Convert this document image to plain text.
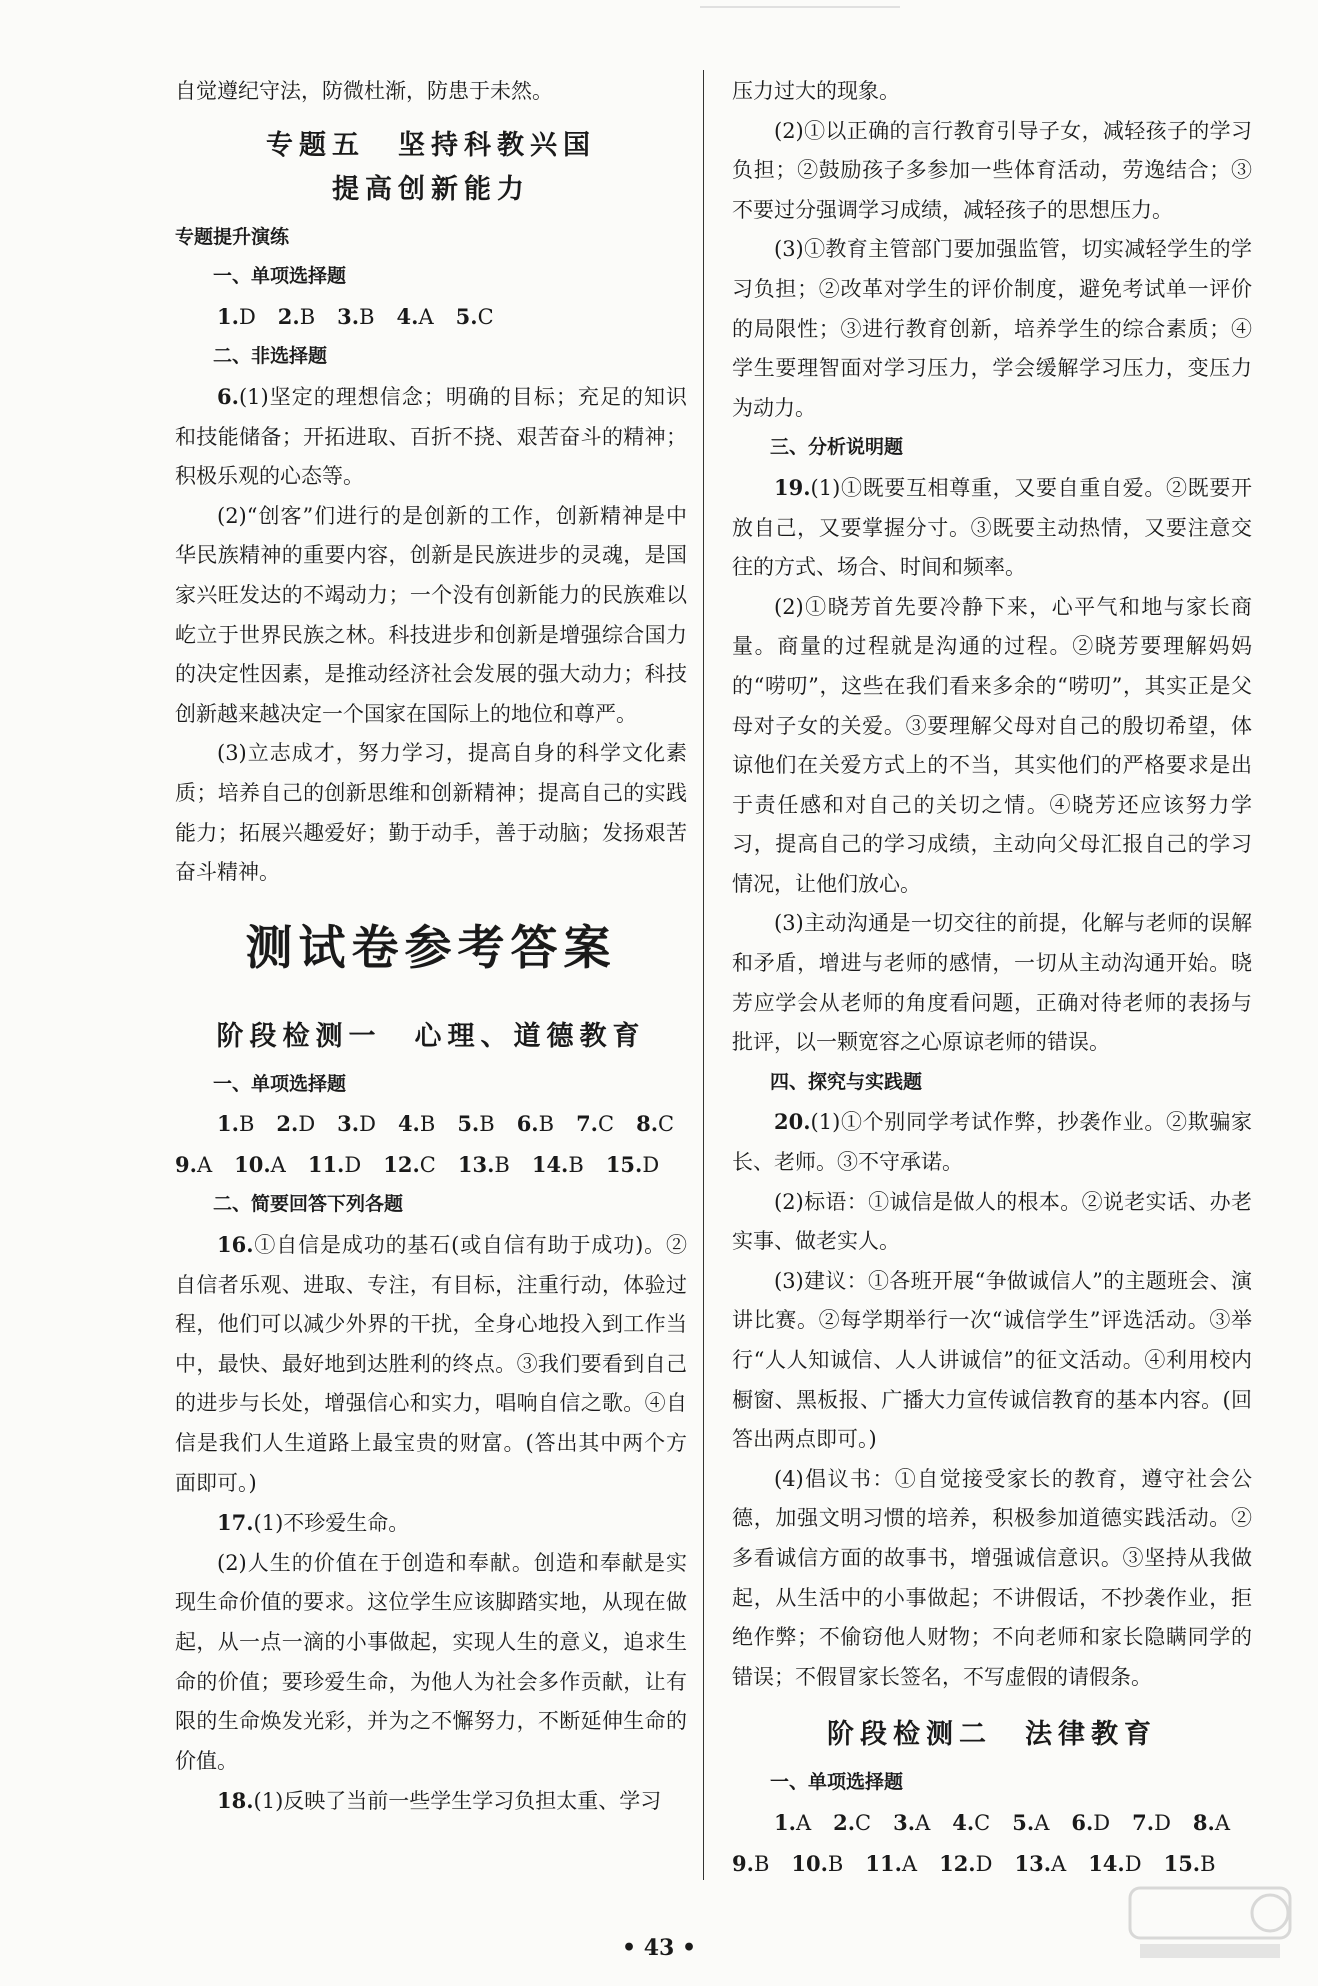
自觉遵纪守法，防微杜渐，防患于未然。

专题五　坚持科教兴国

提高创新能力

专题提升演练

一、单项选择题

1.D 2.B 3.B 4.A 5.C

二、非选择题

6.(1)坚定的理想信念；明确的目标；充足的知识和技能储备；开拓进取、百折不挠、艰苦奋斗的精神；积极乐观的心态等。

(2)“创客”们进行的是创新的工作，创新精神是中华民族精神的重要内容，创新是民族进步的灵魂，是国家兴旺发达的不竭动力；一个没有创新能力的民族难以屹立于世界民族之林。科技进步和创新是增强综合国力的决定性因素，是推动经济社会发展的强大动力；科技创新越来越决定一个国家在国际上的地位和尊严。

(3)立志成才，努力学习，提高自身的科学文化素质；培养自己的创新思维和创新精神；提高自己的实践能力；拓展兴趣爱好；勤于动手，善于动脑；发扬艰苦奋斗精神。

测试卷参考答案

阶段检测一　心理、道德教育

一、单项选择题

1.B 2.D 3.D 4.B 5.B 6.B 7.C 8.C

9.A 10.A 11.D 12.C 13.B 14.B 15.D

二、简要回答下列各题

16.①自信是成功的基石(或自信有助于成功)。②自信者乐观、进取、专注，有目标，注重行动，体验过程，他们可以减少外界的干扰，全身心地投入到工作当中，最快、最好地到达胜利的终点。③我们要看到自己的进步与长处，增强信心和实力，唱响自信之歌。④自信是我们人生道路上最宝贵的财富。(答出其中两个方面即可。)

17.(1)不珍爱生命。

(2)人生的价值在于创造和奉献。创造和奉献是实现生命价值的要求。这位学生应该脚踏实地，从现在做起，从一点一滴的小事做起，实现人生的意义，追求生命的价值；要珍爱生命，为他人为社会多作贡献，让有限的生命焕发光彩，并为之不懈努力，不断延伸生命的价值。

18.(1)反映了当前一些学生学习负担太重、学习

压力过大的现象。

(2)①以正确的言行教育引导子女，减轻孩子的学习负担；②鼓励孩子多参加一些体育活动，劳逸结合；③不要过分强调学习成绩，减轻孩子的思想压力。

(3)①教育主管部门要加强监管，切实减轻学生的学习负担；②改革对学生的评价制度，避免考试单一评价的局限性；③进行教育创新，培养学生的综合素质；④学生要理智面对学习压力，学会缓解学习压力，变压力为动力。

三、分析说明题

19.(1)①既要互相尊重，又要自重自爱。②既要开放自己，又要掌握分寸。③既要主动热情，又要注意交往的方式、场合、时间和频率。

(2)①晓芳首先要冷静下来，心平气和地与家长商量。商量的过程就是沟通的过程。②晓芳要理解妈妈的“唠叨”，这些在我们看来多余的“唠叨”，其实正是父母对子女的关爱。③要理解父母对自己的殷切希望，体谅他们在关爱方式上的不当，其实他们的严格要求是出于责任感和对自己的关切之情。④晓芳还应该努力学习，提高自己的学习成绩，主动向父母汇报自己的学习情况，让他们放心。

(3)主动沟通是一切交往的前提，化解与老师的误解和矛盾，增进与老师的感情，一切从主动沟通开始。晓芳应学会从老师的角度看问题，正确对待老师的表扬与批评，以一颗宽容之心原谅老师的错误。

四、探究与实践题

20.(1)①个别同学考试作弊，抄袭作业。②欺骗家长、老师。③不守承诺。

(2)标语：①诚信是做人的根本。②说老实话、办老实事、做老实人。

(3)建议：①各班开展“争做诚信人”的主题班会、演讲比赛。②每学期举行一次“诚信学生”评选活动。③举行“人人知诚信、人人讲诚信”的征文活动。④利用校内橱窗、黑板报、广播大力宣传诚信教育的基本内容。(回答出两点即可。)

(4)倡议书：①自觉接受家长的教育，遵守社会公德，加强文明习惯的培养，积极参加道德实践活动。②多看诚信方面的故事书，增强诚信意识。③坚持从我做起，从生活中的小事做起；不讲假话，不抄袭作业，拒绝作弊；不偷窃他人财物；不向老师和家长隐瞒同学的错误；不假冒家长签名，不写虚假的请假条。

阶段检测二　法律教育

一、单项选择题

1.A 2.C 3.A 4.C 5.A 6.D 7.D 8.A

9.B 10.B 11.A 12.D 13.A 14.D 15.B

• 43 •
